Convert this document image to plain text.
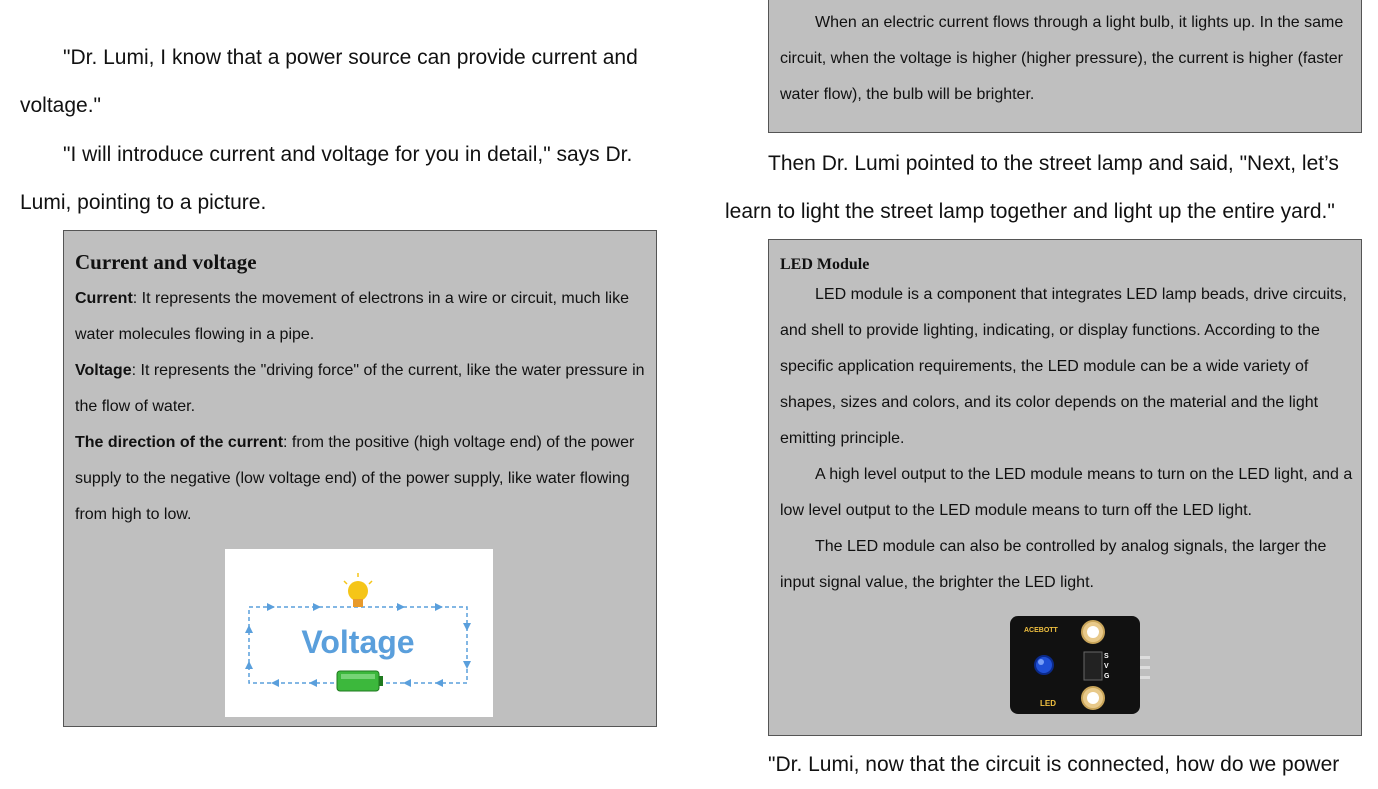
"Dr. Lumi, I know that a power source can provide current and

voltage."

"I will introduce current and voltage for you in detail," says Dr.

Lumi, pointing to a picture.

Current and voltage

Current: It represents the movement of electrons in a wire or circuit, much like water molecules flowing in a pipe.

Voltage: It represents the "driving force" of the current, like the water pressure in the flow of water.

The direction of the current: from the positive (high voltage end) of the power supply to the negative (low voltage end) of the power supply, like water flowing from high to low.

Voltage

When an electric current flows through a light bulb, it lights up. In the same circuit, when the voltage is higher (higher pressure), the current is higher (faster water flow), the bulb will be brighter.

Then Dr. Lumi pointed to the street lamp and said, "Next, let’s

learn to light the street lamp together and light up the entire yard."

LED Module

LED module is a component that integrates LED lamp beads, drive circuits, and shell to provide lighting, indicating, or display functions. According to the specific application requirements, the LED module can be a wide variety of shapes, sizes and colors, and its color depends on the material and the light emitting principle.

A high level output to the LED module means to turn on the LED light, and a low level output to the LED module means to turn off the LED light.

The LED module can also be controlled by analog signals, the larger the input signal value, the brighter the LED light.

ACEBOTT
LED
S
V
G

"Dr. Lumi, now that the circuit is connected, how do we power
